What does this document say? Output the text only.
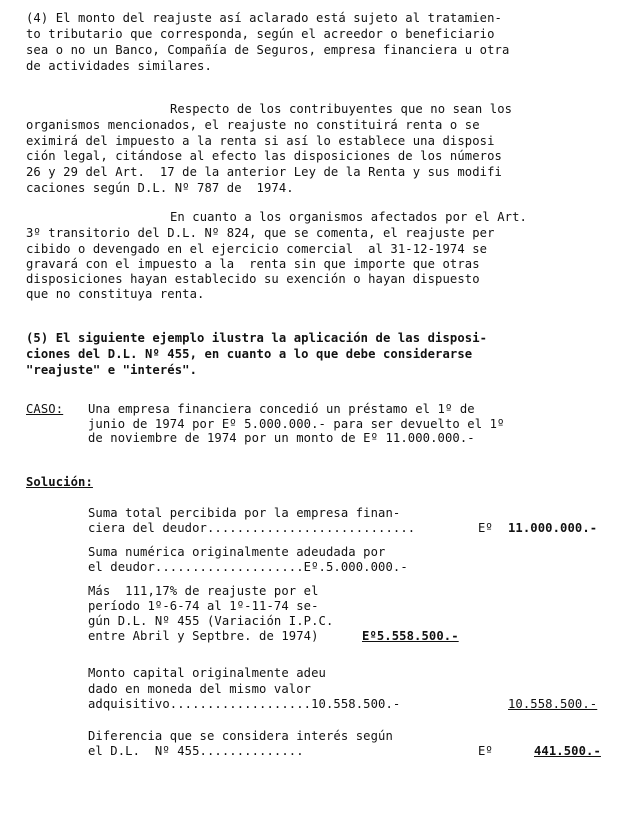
(4) El monto del reajuste así aclarado está sujeto al tratamien-
to tributario que corresponda, según el acreedor o beneficiario
sea o no un Banco, Compañía de Seguros, empresa financiera u otra
de actividades similares.
Respecto de los contribuyentes que no sean los
organismos mencionados, el reajuste no constituirá renta o se
eximirá del impuesto a la renta si así lo establece una disposi
ción legal, citándose al efecto las disposiciones de los números
26 y 29 del Art.  17 de la anterior Ley de la Renta y sus modifi
caciones según D.L. Nº 787 de  1974.
En cuanto a los organismos afectados por el Art.
3º transitorio del D.L. Nº 824, que se comenta, el reajuste per
cibido o devengado en el ejercicio comercial  al 31-12-1974 se
gravará con el impuesto a la  renta sin que importe que otras
disposiciones hayan establecido su exención o hayan dispuesto
que no constituya renta.
(5) El siguiente ejemplo ilustra la aplicación de las disposi-
ciones del D.L. Nº 455, en cuanto a lo que debe considerarse
"reajuste" e "interés".
CASO: Una empresa financiera concedió un préstamo el 1º de
junio de 1974 por Eº 5.000.000.- para ser devuelto el 1º
de noviembre de 1974 por un monto de Eº 11.000.000.-
Solución:
Suma total percibida por la empresa finan-
ciera del deudor............................	Eº 11.000.000.-
Suma numérica originalmente adeudada por
el deudor....................Eº.5.000.000.-
Más  111,17% de reajuste por el
período 1º-6-74 al 1º-11-74 se-
gún D.L. Nº 455 (Variación I.P.C.
entre Abril y Septbre. de 1974)	Eº5.558.500.-
Monto capital originalmente adeu
dado en moneda del mismo valor
adquisitivo...................10.558.500.-	10.558.500.-
Diferencia que se considera interés según
el D.L.  Nº 455..............	Eº	441.500.-
